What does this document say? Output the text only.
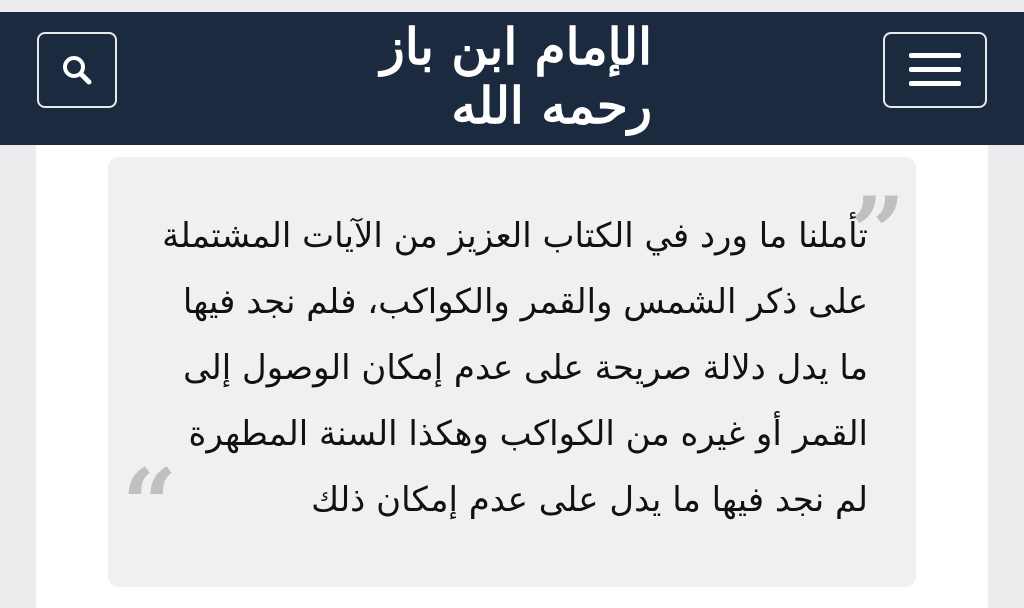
الإمام ابن باز رحمه الله
”

تأملنا ما ورد في الكتاب العزيز من الآيات المشتملة على ذكر الشمس والقمر والكواكب، فلم نجد فيها ما يدل دلالة صريحة على عدم إمكان الوصول إلى القمر أو غيره من الكواكب وهكذا السنة المطهرة لم نجد فيها ما يدل على عدم إمكان ذلك

“
